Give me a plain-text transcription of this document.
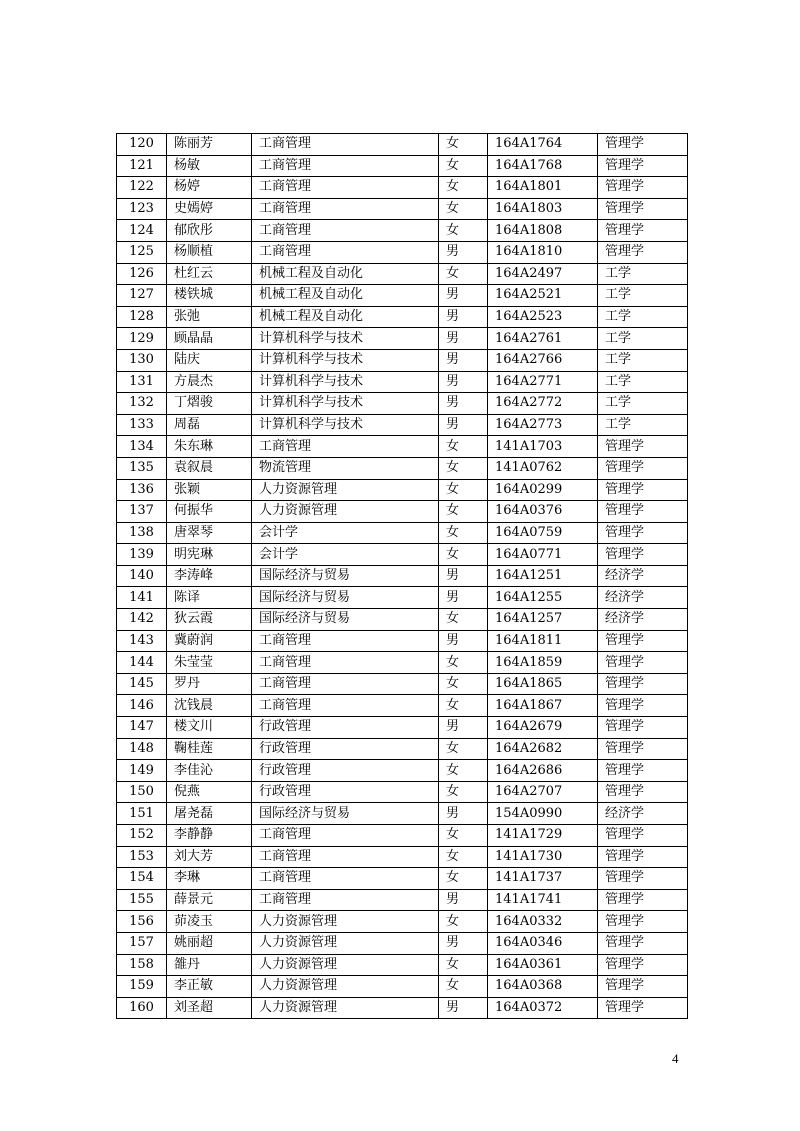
120	陈丽芳	工商管理	女	164A1764	管理学
121	杨敏	工商管理	女	164A1768	管理学
122	杨婷	工商管理	女	164A1801	管理学
123	史嫣婷	工商管理	女	164A1803	管理学
124	郁欣彤	工商管理	女	164A1808	管理学
125	杨顺植	工商管理	男	164A1810	管理学
126	杜红云	机械工程及自动化	女	164A2497	工学
127	楼铁城	机械工程及自动化	男	164A2521	工学
128	张弛	机械工程及自动化	男	164A2523	工学
129	顾晶晶	计算机科学与技术	男	164A2761	工学
130	陆庆	计算机科学与技术	男	164A2766	工学
131	方晨杰	计算机科学与技术	男	164A2771	工学
132	丁熠骏	计算机科学与技术	男	164A2772	工学
133	周磊	计算机科学与技术	男	164A2773	工学
134	朱东琳	工商管理	女	141A1703	管理学
135	袁叙晨	物流管理	女	141A0762	管理学
136	张颖	人力资源管理	女	164A0299	管理学
137	何振华	人力资源管理	女	164A0376	管理学
138	唐翠琴	会计学	女	164A0759	管理学
139	明宪琳	会计学	女	164A0771	管理学
140	李涛峰	国际经济与贸易	男	164A1251	经济学
141	陈译	国际经济与贸易	男	164A1255	经济学
142	狄云霞	国际经济与贸易	女	164A1257	经济学
143	冀蔚润	工商管理	男	164A1811	管理学
144	朱莹莹	工商管理	女	164A1859	管理学
145	罗丹	工商管理	女	164A1865	管理学
146	沈钱晨	工商管理	女	164A1867	管理学
147	楼文川	行政管理	男	164A2679	管理学
148	鞠桂莲	行政管理	女	164A2682	管理学
149	李佳沁	行政管理	女	164A2686	管理学
150	倪燕	行政管理	女	164A2707	管理学
151	屠尧磊	国际经济与贸易	男	154A0990	经济学
152	李静静	工商管理	女	141A1729	管理学
153	刘大芳	工商管理	女	141A1730	管理学
154	李琳	工商管理	女	141A1737	管理学
155	薛景元	工商管理	男	141A1741	管理学
156	茆凌玉	人力资源管理	女	164A0332	管理学
157	姚丽超	人力资源管理	男	164A0346	管理学
158	雒丹	人力资源管理	女	164A0361	管理学
159	李正敏	人力资源管理	女	164A0368	管理学
160	刘圣超	人力资源管理	男	164A0372	管理学
4
